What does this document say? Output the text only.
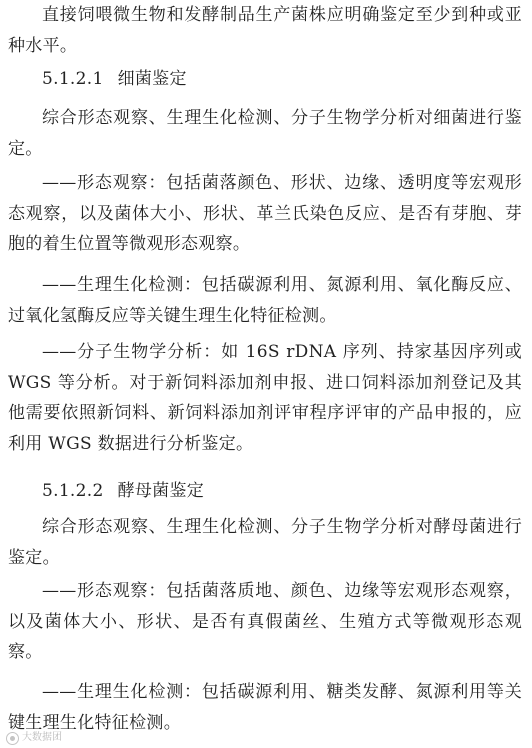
直接饲喂微生物和发酵制品生产菌株应明确鉴定至少到种或亚种水平。

5.1.2.1 细菌鉴定

综合形态观察、生理生化检测、分子生物学分析对细菌进行鉴定。

——形态观察：包括菌落颜色、形状、边缘、透明度等宏观形态观察，以及菌体大小、形状、革兰氏染色反应、是否有芽胞、芽胞的着生位置等微观形态观察。

——生理生化检测：包括碳源利用、氮源利用、氧化酶反应、过氧化氢酶反应等关键生理生化特征检测。

——分子生物学分析：如 16S rDNA 序列、持家基因序列或 WGS 等分析。对于新饲料添加剂申报、进口饲料添加剂登记及其他需要依照新饲料、新饲料添加剂评审程序评审的产品申报的，应利用 WGS 数据进行分析鉴定。

5.1.2.2 酵母菌鉴定

综合形态观察、生理生化检测、分子生物学分析对酵母菌进行鉴定。

——形态观察：包括菌落质地、颜色、边缘等宏观形态观察，以及菌体大小、形状、是否有真假菌丝、生殖方式等微观形态观察。

——生理生化检测：包括碳源利用、糖类发酵、氮源利用等关键生理生化特征检测。

大数据团
